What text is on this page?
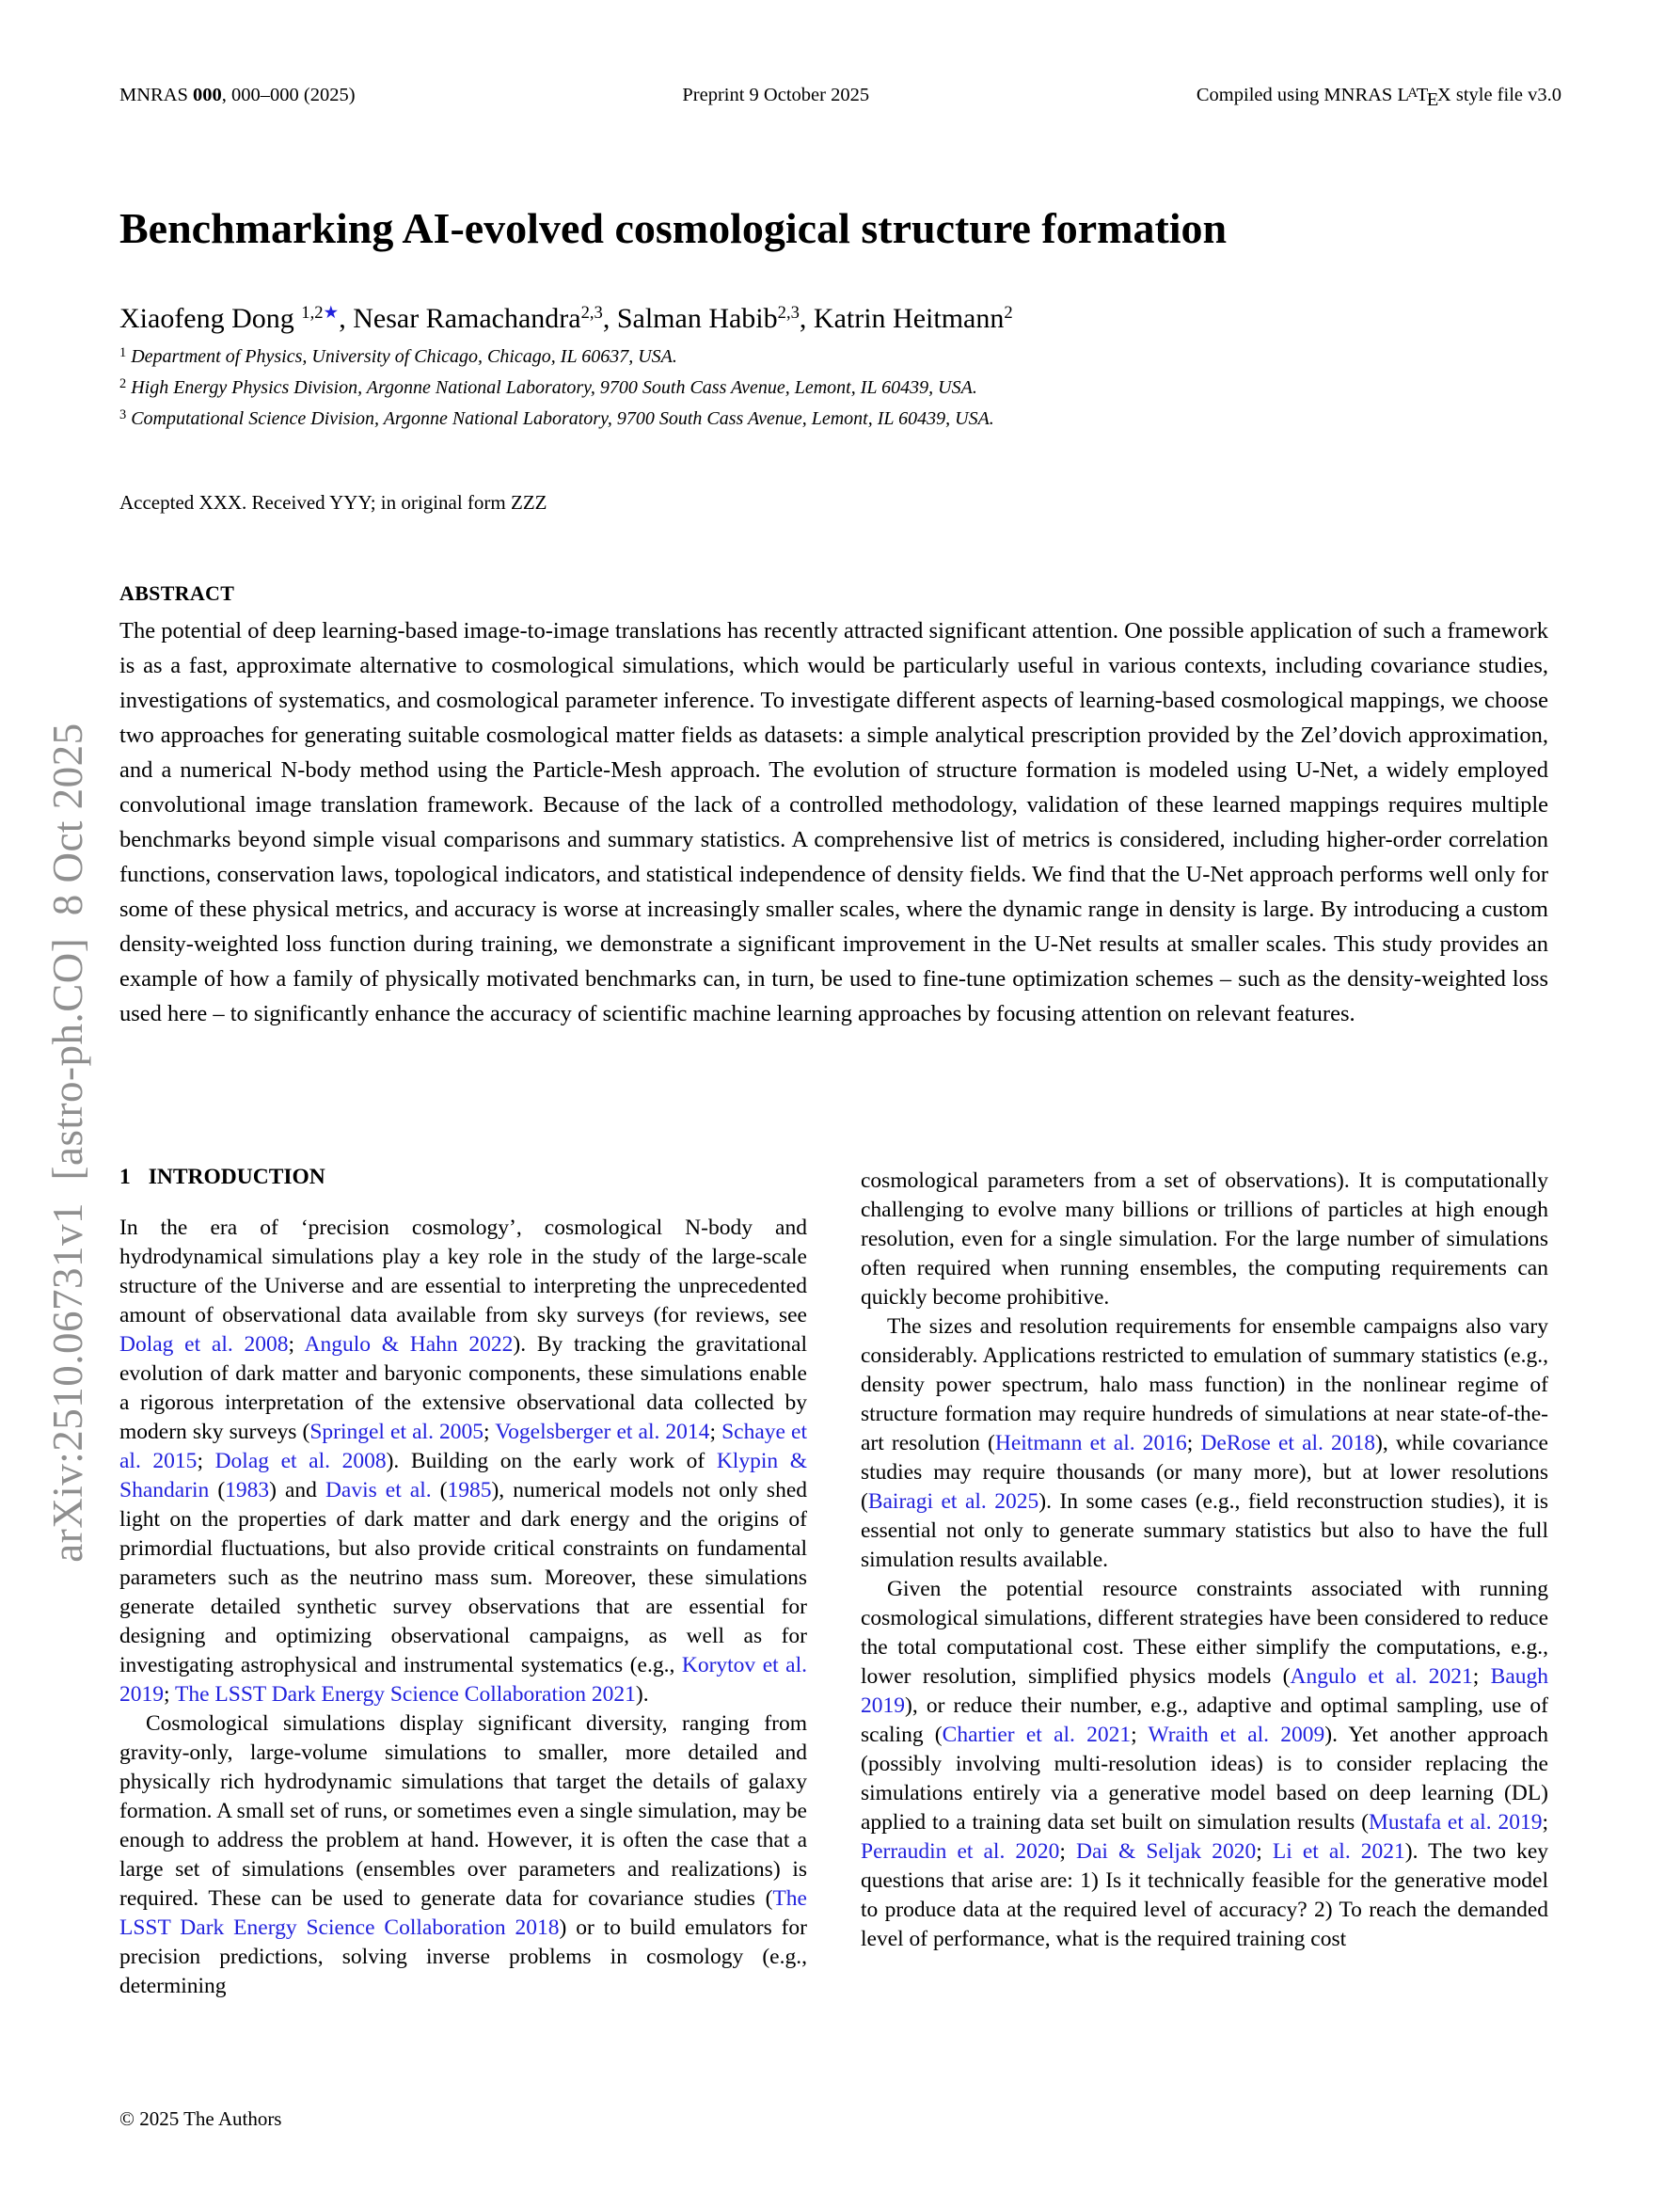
arXiv:2510.06731v1  [astro-ph.CO]  8 Oct 2025
MNRAS 000, 000–000 (2025)	Preprint 9 October 2025	Compiled using MNRAS $L^ATEX$ style file v3.0
Benchmarking AI-evolved cosmological structure formation
Xiaofeng Dong $^{1,2★}$, Nesar Ramachandra$^{2,3}$, Salman Habib$^{2,3}$, Katrin Heitmann$^2$
$^1$ Department of Physics, University of Chicago, Chicago, IL 60637, USA.
$^2$ High Energy Physics Division, Argonne National Laboratory, 9700 South Cass Avenue, Lemont, IL 60439, USA.
$^3$ Computational Science Division, Argonne National Laboratory, 9700 South Cass Avenue, Lemont, IL 60439, USA.
Accepted XXX. Received YYY; in original form ZZZ
ABSTRACT
The potential of deep learning-based image-to-image translations has recently attracted significant attention. One possible application of such a framework is as a fast, approximate alternative to cosmological simulations, which would be particularly useful in various contexts, including covariance studies, investigations of systematics, and cosmological parameter inference. To investigate different aspects of learning-based cosmological mappings, we choose two approaches for generating suitable cosmological matter fields as datasets: a simple analytical prescription provided by the Zel’dovich approximation, and a numerical N-body method using the Particle-Mesh approach. The evolution of structure formation is modeled using U-Net, a widely employed convolutional image translation framework. Because of the lack of a controlled methodology, validation of these learned mappings requires multiple benchmarks beyond simple visual comparisons and summary statistics. A comprehensive list of metrics is considered, including higher-order correlation functions, conservation laws, topological indicators, and statistical independence of density fields. We find that the U-Net approach performs well only for some of these physical metrics, and accuracy is worse at increasingly smaller scales, where the dynamic range in density is large. By introducing a custom density-weighted loss function during training, we demonstrate a significant improvement in the U-Net results at smaller scales. This study provides an example of how a family of physically motivated benchmarks can, in turn, be used to fine-tune optimization schemes – such as the density-weighted loss used here – to significantly enhance the accuracy of scientific machine learning approaches by focusing attention on relevant features.
1 INTRODUCTION

In the era of ‘precision cosmology’, cosmological N-body and hydrodynamical simulations play a key role in the study of the large-scale structure of the Universe and are essential to interpreting the unprecedented amount of observational data available from sky surveys (for reviews, see Dolag et al. 2008; Angulo & Hahn 2022). By tracking the gravitational evolution of dark matter and baryonic components, these simulations enable a rigorous interpretation of the extensive observational data collected by modern sky surveys (Springel et al. 2005; Vogelsberger et al. 2014; Schaye et al. 2015; Dolag et al. 2008). Building on the early work of Klypin & Shandarin (1983) and Davis et al. (1985), numerical models not only shed light on the properties of dark matter and dark energy and the origins of primordial fluctuations, but also provide critical constraints on fundamental parameters such as the neutrino mass sum. Moreover, these simulations generate detailed synthetic survey observations that are essential for designing and optimizing observational campaigns, as well as for investigating astrophysical and instrumental systematics (e.g., Korytov et al. 2019; The LSST Dark Energy Science Collaboration 2021).

Cosmological simulations display significant diversity, ranging from gravity-only, large-volume simulations to smaller, more detailed and physically rich hydrodynamic simulations that target the details of galaxy formation. A small set of runs, or sometimes even a single simulation, may be enough to address the problem at hand. However, it is often the case that a large set of simulations (ensembles over parameters and realizations) is required. These can be used to generate data for covariance studies (The LSST Dark Energy Science Collaboration 2018) or to build emulators for precision predictions, solving inverse problems in cosmology (e.g., determining

cosmological parameters from a set of observations). It is computationally challenging to evolve many billions or trillions of particles at high enough resolution, even for a single simulation. For the large number of simulations often required when running ensembles, the computing requirements can quickly become prohibitive.

The sizes and resolution requirements for ensemble campaigns also vary considerably. Applications restricted to emulation of summary statistics (e.g., density power spectrum, halo mass function) in the nonlinear regime of structure formation may require hundreds of simulations at near state-of-the-art resolution (Heitmann et al. 2016; DeRose et al. 2018), while covariance studies may require thousands (or many more), but at lower resolutions (Bairagi et al. 2025). In some cases (e.g., field reconstruction studies), it is essential not only to generate summary statistics but also to have the full simulation results available.

Given the potential resource constraints associated with running cosmological simulations, different strategies have been considered to reduce the total computational cost. These either simplify the computations, e.g., lower resolution, simplified physics models (Angulo et al. 2021; Baugh 2019), or reduce their number, e.g., adaptive and optimal sampling, use of scaling (Chartier et al. 2021; Wraith et al. 2009). Yet another approach (possibly involving multi-resolution ideas) is to consider replacing the simulations entirely via a generative model based on deep learning (DL) applied to a training data set built on simulation results (Mustafa et al. 2019; Perraudin et al. 2020; Dai & Seljak 2020; Li et al. 2021). The two key questions that arise are: 1) Is it technically feasible for the generative model to produce data at the required level of accuracy? 2) To reach the demanded level of performance, what is the required training cost

© 2025 The Authors
